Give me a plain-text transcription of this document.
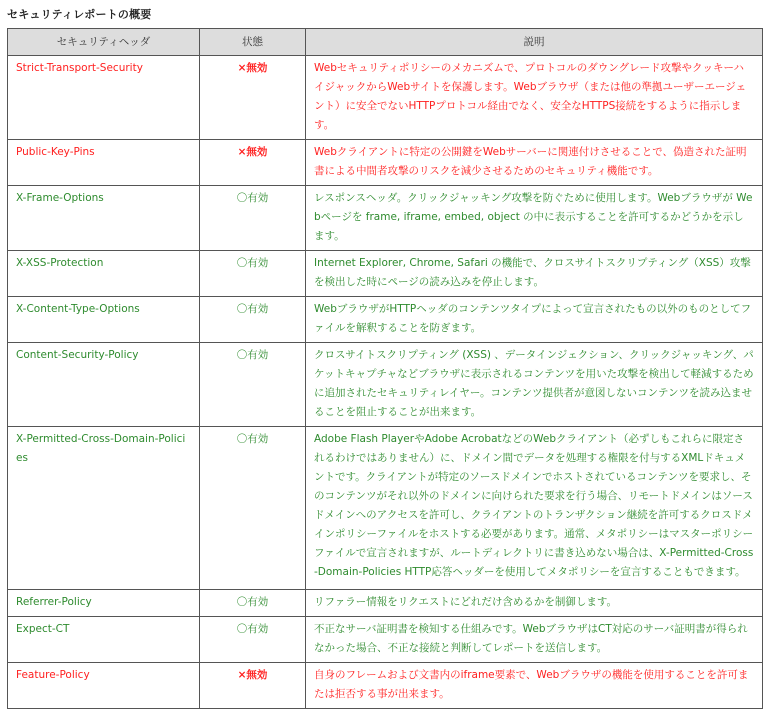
セキュリティレポートの概要
セキュリティヘッダ	状態	説明
Strict-Transport-Security	×無効	Webセキュリティポリシーのメカニズムで、プロトコルのダウングレード攻撃やクッキーハイジャックからWebサイトを保護します。Webブラウザ（または他の準拠ユーザーエージェント）に安全でないHTTPプロトコル経由でなく、安全なHTTPS接続をするように指示します。
Public-Key-Pins	×無効	Webクライアントに特定の公開鍵をWebサーバーに関連付けさせることで、偽造された証明書による中間者攻撃のリスクを減少させるためのセキュリティ機能です。
X-Frame-Options	〇有効	レスポンスヘッダ。クリックジャッキング攻撃を防ぐために使用します。Webブラウザが Webページを frame, iframe, embed, object の中に表示することを許可するかどうかを示します。
X-XSS-Protection	〇有効	Internet Explorer, Chrome, Safari の機能で、クロスサイトスクリプティング（XSS）攻撃を検出した時にページの読み込みを停止します。
X-Content-Type-Options	〇有効	WebブラウザがHTTPヘッダのコンテンツタイプによって宣言されたもの以外のものとしてファイルを解釈することを防ぎます。
Content-Security-Policy	〇有効	クロスサイトスクリプティング (XSS) 、データインジェクション、クリックジャッキング、パケットキャプチャなどブラウザに表示されるコンテンツを用いた攻撃を検出して軽減するために追加されたセキュリティレイヤー。コンテンツ提供者が意図しないコンテンツを読み込ませることを阻止することが出来ます。
X-Permitted-Cross-Domain-Policies	〇有効	Adobe Flash PlayerやAdobe AcrobatなどのWebクライアント（必ずしもこれらに限定されるわけではありません）に、ドメイン間でデータを処理する権限を付与するXMLドキュメントです。クライアントが特定のソースドメインでホストされているコンテンツを要求し、そのコンテンツがそれ以外のドメインに向けられた要求を行う場合、リモートドメインはソースドメインへのアクセスを許可し、クライアントのトランザクション継続を許可するクロスドメインポリシーファイルをホストする必要があります。通常、メタポリシーはマスターポリシーファイルで宣言されますが、ルートディレクトリに書き込めない場合は、X-Permitted-Cross-Domain-Policies HTTP応答ヘッダーを使用してメタポリシーを宣言することもできます。
Referrer-Policy	〇有効	リファラー情報をリクエストにどれだけ含めるかを制御します。
Expect-CT	〇有効	不正なサーバ証明書を検知する仕組みです。WebブラウザはCT対応のサーバ証明書が得られなかった場合、不正な接続と判断してレポートを送信します。
Feature-Policy	×無効	自身のフレームおよび文書内のiframe要素で、Webブラウザの機能を使用することを許可または拒否する事が出来ます。
